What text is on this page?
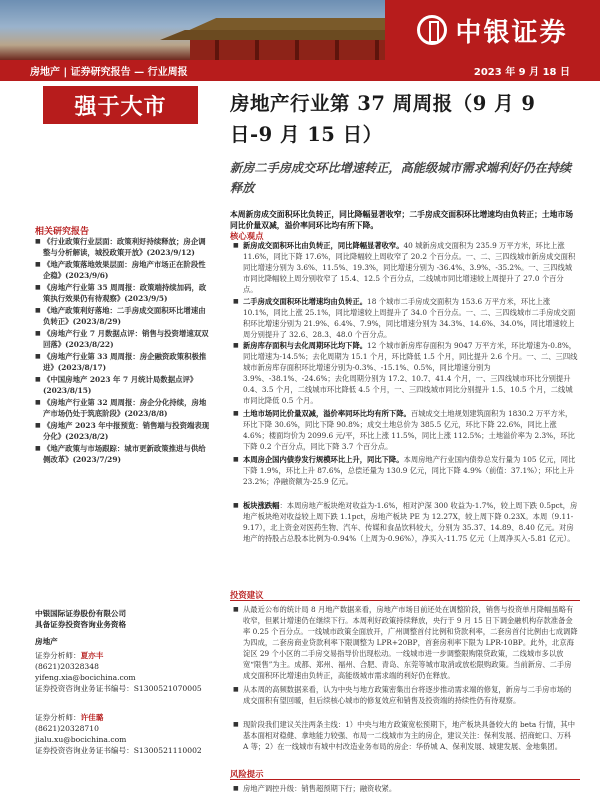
中银证券
房地产 | 证券研究报告 — 行业周报	2023 年 9 月 18 日
强于大市
相关研究报告
■ 《行业政策行业层面：政策利好持续释放；房企调整与分析解读，城投政策开放》(2023/9/12)
■ 《地产政策落地效果层面：房地产市场正在阶段性企稳》(2023/9/6)
■ 《房地产行业第 35 周周报：政策端持续加码，政策执行效果仍有待观察》(2023/9/5)
■ 《地产政策利好落地：二手房成交面积环比增速由负转正》(2023/8/29)
■ 《房地产行业 7 月数据点评：销售与投资增速双双回落》(2023/8/22)
■ 《房地产行业第 33 周周报：房企融资政策积极推进》(2023/8/17)
■ 《中国房地产 2023 年 7 月统计局数据点评》(2023/8/15)
■ 《房地产行业第 32 周周报：房企分化持续，房地产市场仍处于筑底阶段》(2023/8/8)
■ 《房地产 2023 年中报预览：销售端与投资端表现分化》(2023/8/2)
■ 《地产政策与市场跟踪：城市更新政策推进与供给侧改革》(2023/7/29)
中银国际证券股份有限公司
具备证券投资咨询业务资格
房地产
证券分析师：夏亦丰
(8621)20328348
yifeng.xia@bocichina.com
证券投资咨询业务证书编号：S1300521070005
证券分析师：许佳璐
(8621)20328710
jialu.xu@bocichina.com
证券投资咨询业务证书编号：S1300521110002
房地产行业第 37 周周报（9 月 9 日-9 月 15 日）
新房二手房成交环比增速转正，高能级城市需求端利好仍在持续释放
本周新房成交面积环比负转正，同比降幅显著收窄；二手房成交面积环比增速均由负转正；土地市场同比价量双减，溢价率同环比均有所下降。
核心观点
■ 新房成交面积环比由负转正，同比降幅显著收窄。40 城新房成交面积为 235.9 万平方米，环比上涨 11.6%，同比下降 17.6%，同比降幅较上周收窄了 20.2 个百分点。一、二、三四线城市新房成交面积同比增速分别为 3.6%、11.5%、19.3%，同比增速分别为 -36.4%、3.9%、-35.2%。一、三四线城市同比降幅较上周分别收窄了 15.4、12.5 个百分点，二线城市同比增速较上周提升了 27.0 个百分点。
■ 二手房成交面积环比增速均由负转正。18 个城市二手房成交面积为 153.6 万平方米，环比上涨 10.1%，同比上涨 25.1%，同比增速较上周提升了 34.0 个百分点。一、二、三四线城市二手房成交面积环比增速分别为 21.9%、6.4%、7.9%，同比增速分别为 34.3%、14.6%、34.0%，同比增速较上周分别提升了 32.6、28.3、48.0 个百分点。
■ 新房库存面积与去化周期环比均下降。12 个城市新房库存面积为 9047 万平方米，环比增速为-0.8%，同比增速为-14.5%；去化周期为 15.1 个月，环比降低 1.5 个月，同比提升 2.6 个月。一、二、三四线城市新房库存面积环比增速分别为-0.3%、-15.1%、0.5%，同比增速分别为 3.9%、-38.1%、-24.6%；去化周期分别为 17.2、10.7、41.4 个月，一、三四线城市环比分别提升 0.4、3.5 个月，二线城市环比降低 4.5 个月，一、三四线城市同比分别提升 1.5、10.5 个月，二线城市同比降低 0.5 个月。
■ 土地市场同比价量双减，溢价率同环比均有所下降。百城成交土地规划建筑面积为 1830.2 万平方米，环比下降 30.6%，同比下降 90.8%；成交土地总价为 385.5 亿元，环比下降 22.6%，同比上涨 4.6%；楼面均价为 2099.6 元/平，环比上涨 11.5%，同比上涨 112.5%；土地溢价率为 2.3%，环比下降 0.2 个百分点，同比下降 3.7 个百分点。
■ 本周房企国内债券发行规模环比上升，同比下降。本周房地产行业国内债券总发行量为 105 亿元，同比下降 1.9%，环比上升 87.6%，总偿还量为 130.9 亿元，同比下降 4.9%（前值：37.1%）；环比上升 23.2%；净融资额为-25.9 亿元。
■ 板块涨跌幅：本周房地产板块绝对收益为-1.6%，相对沪深 300 收益为-1.7%，较上周下跌 0.5pct，房地产板块绝对收益较上周下跌 1.1pct，房地产板块 PE 为 12.27X，较上周下降 0.23X。本周（9.11-9.17），北上资金对医药生物、汽车、传媒和食品饮料较大，分别为 35.37、14.89、8.40 亿元。对房地产的持股占总股本比例为-0.94%（上周为-0.96%），净买入-11.75 亿元（上周净买入-5.81 亿元）。
投资建议
■ 从最近公布的统计局 8 月地产数据来看，房地产市场目前还处在调整阶段，销售与投资单月降幅虽略有收窄，但累计增速仍在继续下行。本周利好政策持续释放，央行于 9 月 15 日下调金融机构存款准备金率 0.25 个百分点。一线城市政策全面放开，广州调整首付比例和贷款利率，二套房首付比例由七成调降为四成，二套房商业贷款利率下限调整为 LPR+20BP，首套房利率下限为 LPR-10BP。此外，北京海淀区 29 个小区的二手房交易指导价出现松动。一线城市进一步调整限购限贷政策，二线城市多以放宽“限售”为主。成都、郑州、福州、合肥、青岛、东莞等城市取消或放松限购政策。当前新房、二手房成交面积环比增速由负转正，高能级城市需求端的利好仍在释放。
■ 从本周的高频数据来看，认为中央与地方政策密集出台将逐步推动需求端的修复，新房与二手房市场的成交面积有望回暖，但后续核心城市的修复效应和销售及投资端的持续性仍有待观察。
■ 现阶段我们建议关注两条主线：1）中央与地方政策宽松预期下，地产板块具备较大的 beta 行情，其中基本面相对稳健、拿地能力较强、布局一二线城市为主的房企，建议关注：保利发展、招商蛇口、万科 A 等；2）在一线城市有城中村改造业务布局的房企：华侨城 A、保利发展、城建发展、金地集团。
风险提示
■ 房地产调控升级：销售超预期下行；融资收紧。
